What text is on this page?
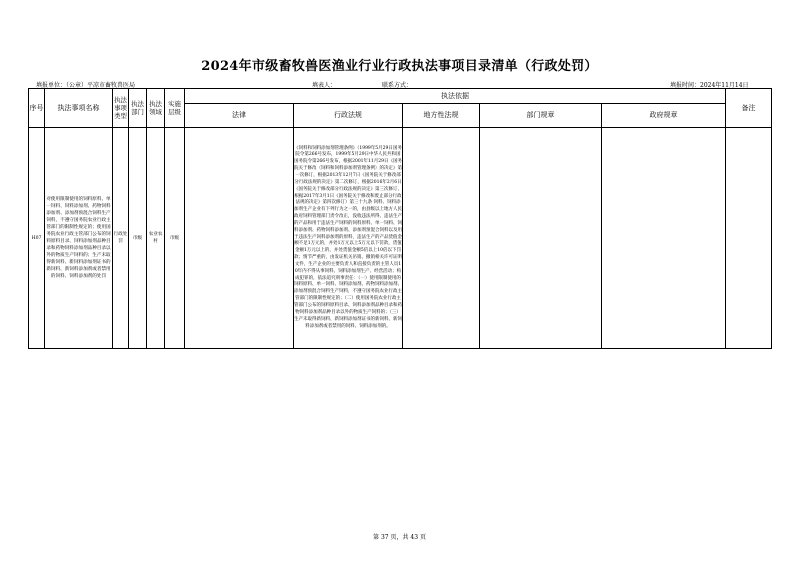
2024年市级畜牧兽医渔业行业行政执法事项目录清单（行政处罚）
填报单位：（公章）平凉市畜牧兽医局	填表人：	联系方式：	填报时间：2024年11月14日
序号	执法事项名称	执法事项类型	执法部门	执法领域	实施层级	执法依据					备注
						法律	行政法规	地方性法规	部门规章	政府规章	
H07	对使用限制使用的饲料原料、单一饲料、饲料添加剂、药物饲料添加剂、添加剂预混合饲料生产饲料，不遵守国务院农业行政主管部门的限制性规定的；使用国务院农业行政主管部门公布的饲料原料目录、饲料添加剂品种目录和药物饲料添加剂品种目录以外的物质生产饲料的；生产未取得新饲料、新饲料添加剂证书的新饲料、新饲料添加剂或者禁用的饲料、饲料添加剂的处罚	行政处罚	市级	农业农村	市级		《饲料和饲料添加剂管理条例》（1999年5月29日国务院令第266号发布，1999年5月29日中华人民共和国国务院令第266号发布，根据2001年11月29日《国务院关于修改〈饲料和饲料添加剂管理条例〉的决定》第一次修订，根据2013年12月7日《国务院关于修改部分行政法规的决定》第二次修订，根据2016年2月6日《国务院关于修改部分行政法规的决定》第三次修订，根据2017年3月1日《国务院关于修改和废止部分行政法规的决定》第四次修订）第三十九条 饲料、饲料添加剂生产企业有下列行为之一的，由县级以上地方人民政府饲料管理部门责令改正，没收违法所得、违法生产的产品和用于违法生产饲料的饲料原料、单一饲料、饲料添加剂、药物饲料添加剂、添加剂预混合饲料以及用于违法生产饲料添加剂的原料，违法生产的产品货值金额不足1万元的，并处1万元以上5万元以下罚款，货值金额1万元以上的，并处货值金额5倍以上10倍以下罚款；情节严重的，由发证机关吊销、撤销相关许可证明文件，生产企业的主要负责人和直接负责的主管人员10年内不得从事饲料、饲料添加剂生产、经营活动；构成犯罪的，依法追究刑事责任：（一）使用限制使用的饲料原料、单一饲料、饲料添加剂、药物饲料添加剂、添加剂预混合饲料生产饲料，不遵守国务院农业行政主管部门的限制性规定的；（二）使用国务院农业行政主管部门公布的饲料原料目录、饲料添加剂品种目录和药物饲料添加剂品种目录以外的物质生产饲料的；（三）生产未取得新饲料、新饲料添加剂证书的新饲料、新饲料添加剂或者禁用的饲料、饲料添加剂的。				
第 37 页，共 43 页
